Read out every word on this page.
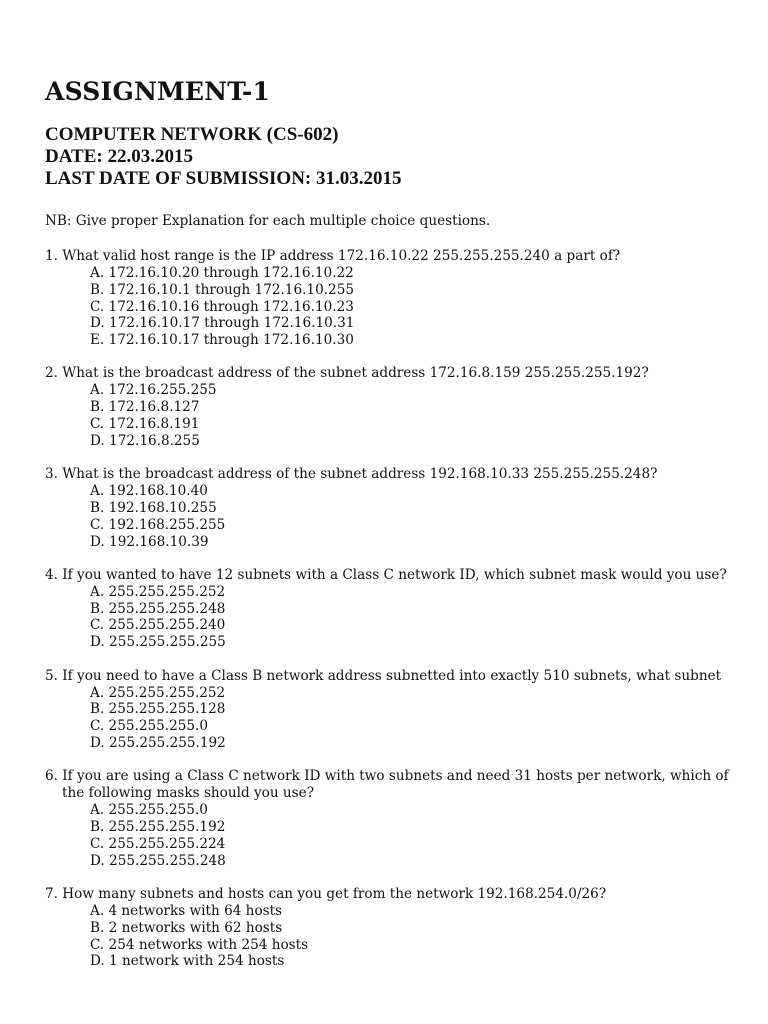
ASSIGNMENT-1
COMPUTER NETWORK (CS-602)
DATE: 22.03.2015
LAST DATE OF SUBMISSION: 31.03.2015

NB: Give proper Explanation for each multiple choice questions.

1. What valid host range is the IP address 172.16.10.22 255.255.255.240 a part of?
A. 172.16.10.20 through 172.16.10.22
B. 172.16.10.1 through 172.16.10.255
C. 172.16.10.16 through 172.16.10.23
D. 172.16.10.17 through 172.16.10.31
E. 172.16.10.17 through 172.16.10.30
2. What is the broadcast address of the subnet address 172.16.8.159 255.255.255.192?
A. 172.16.255.255
B. 172.16.8.127
C. 172.16.8.191
D. 172.16.8.255
3. What is the broadcast address of the subnet address 192.168.10.33 255.255.255.248?
A. 192.168.10.40
B. 192.168.10.255
C. 192.168.255.255
D. 192.168.10.39
4. If you wanted to have 12 subnets with a Class C network ID, which subnet mask would you use?
A. 255.255.255.252
B. 255.255.255.248
C. 255.255.255.240
D. 255.255.255.255
5. If you need to have a Class B network address subnetted into exactly 510 subnets, what subnet
A. 255.255.255.252
B. 255.255.255.128
C. 255.255.255.0
D. 255.255.255.192
6. If you are using a Class C network ID with two subnets and need 31 hosts per network, which of the following masks should you use?
A. 255.255.255.0
B. 255.255.255.192
C. 255.255.255.224
D. 255.255.255.248
7. How many subnets and hosts can you get from the network 192.168.254.0/26?
A. 4 networks with 64 hosts
B. 2 networks with 62 hosts
C. 254 networks with 254 hosts
D. 1 network with 254 hosts
